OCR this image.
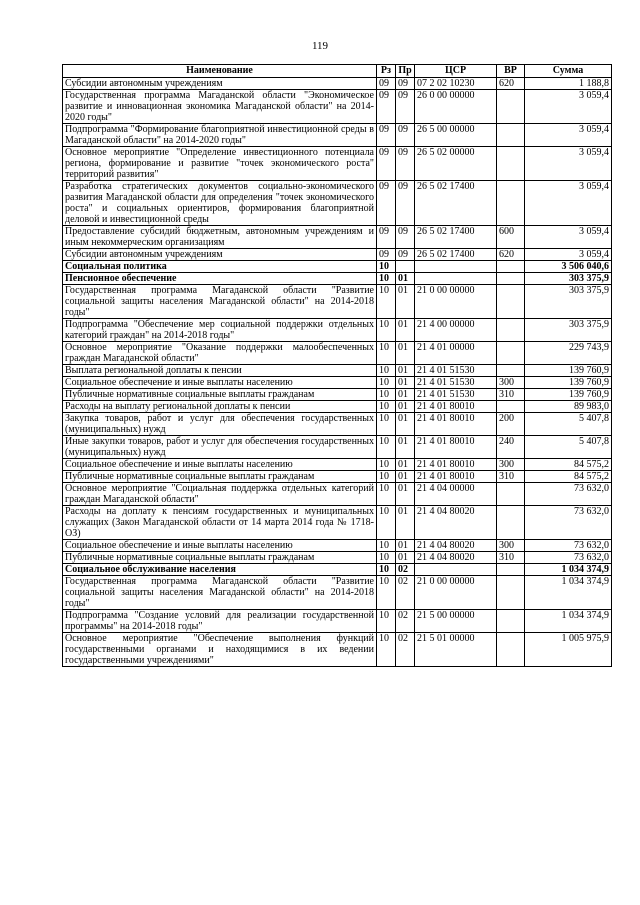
119
Наименование	Рз	Пр	ЦСР	ВР	Сумма
Субсидии автономным учреждениям	09	09	07 2 02 10230	620	1 188,8
Государственная программа Магаданской области "Экономическое развитие и инновационная экономика Магаданской области" на 2014-2020 годы"	09	09	26 0 00 00000		3 059,4
Подпрограмма "Формирование благоприятной инвестиционной среды в Магаданской области" на 2014-2020 годы"	09	09	26 5 00 00000		3 059,4
Основное мероприятие "Определение инвестиционного потенциала региона, формирование и развитие "точек экономического роста" территорий развития"	09	09	26 5 02 00000		3 059,4
Разработка стратегических документов социально-экономического развития Магаданской области для определения "точек экономического роста" и социальных ориентиров, формирования благоприятной деловой и инвестиционной среды	09	09	26 5 02 17400		3 059,4
Предоставление субсидий бюджетным, автономным учреждениям и иным некоммерческим организациям	09	09	26 5 02 17400	600	3 059,4
Субсидии автономным учреждениям	09	09	26 5 02 17400	620	3 059,4
Социальная политика	10				3 506 040,6
Пенсионное обеспечение	10	01			303 375,9
Государственная программа Магаданской области "Развитие социальной защиты населения Магаданской области" на 2014-2018 годы"	10	01	21 0 00 00000		303 375,9
Подпрограмма "Обеспечение мер социальной поддержки отдельных категорий граждан" на 2014-2018 годы"	10	01	21 4 00 00000		303 375,9
Основное мероприятие "Оказание поддержки малообеспеченных граждан Магаданской области"	10	01	21 4 01 00000		229 743,9
Выплата региональной доплаты к пенсии	10	01	21 4 01 51530		139 760,9
Социальное обеспечение и иные выплаты населению	10	01	21 4 01 51530	300	139 760,9
Публичные нормативные социальные выплаты гражданам	10	01	21 4 01 51530	310	139 760,9
Расходы на выплату региональной доплаты к пенсии	10	01	21 4 01 80010		89 983,0
Закупка товаров, работ и услуг для обеспечения государственных (муниципальных) нужд	10	01	21 4 01 80010	200	5 407,8
Иные закупки товаров, работ и услуг для обеспечения государственных (муниципальных) нужд	10	01	21 4 01 80010	240	5 407,8
Социальное обеспечение и иные выплаты населению	10	01	21 4 01 80010	300	84 575,2
Публичные нормативные социальные выплаты гражданам	10	01	21 4 01 80010	310	84 575,2
Основное мероприятие "Социальная поддержка отдельных категорий граждан Магаданской области"	10	01	21 4 04 00000		73 632,0
Расходы на доплату к пенсиям государственных и муниципальных служащих (Закон Магаданской области от 14 марта 2014 года № 1718-ОЗ)	10	01	21 4 04 80020		73 632,0
Социальное обеспечение и иные выплаты населению	10	01	21 4 04 80020	300	73 632,0
Публичные нормативные социальные выплаты гражданам	10	01	21 4 04 80020	310	73 632,0
Социальное обслуживание населения	10	02			1 034 374,9
Государственная программа Магаданской области "Развитие социальной защиты населения Магаданской области" на 2014-2018 годы"	10	02	21 0 00 00000		1 034 374,9
Подпрограмма "Создание условий для реализации государственной программы" на 2014-2018 годы"	10	02	21 5 00 00000		1 034 374,9
Основное мероприятие "Обеспечение выполнения функций государственными органами и находящимися в их ведении государственными учреждениями"	10	02	21 5 01 00000		1 005 975,9
